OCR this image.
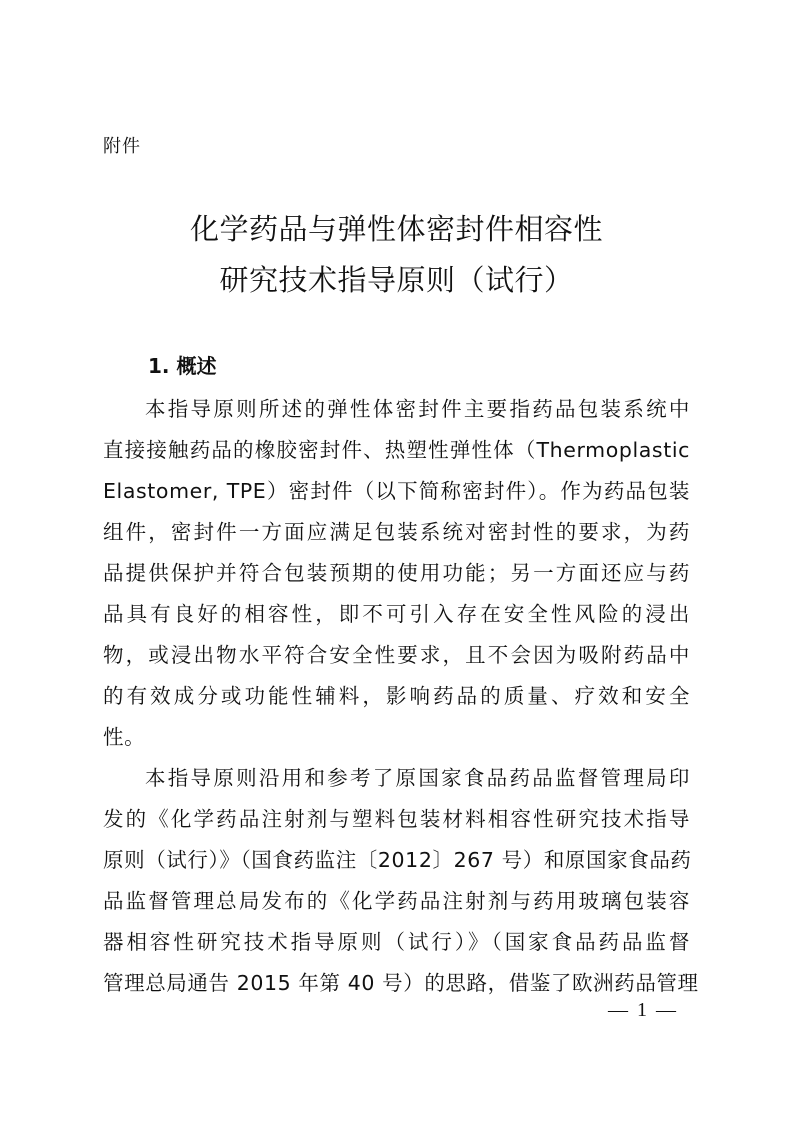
附件
化学药品与弹性体密封件相容性
研究技术指导原则（试行）
1. 概述
本指导原则所述的弹性体密封件主要指药品包装系统中
直接接触药品的橡胶密封件、热塑性弹性体（Thermoplastic
Elastomer, TPE）密封件（以下简称密封件）。作为药品包装
组件，密封件一方面应满足包装系统对密封性的要求，为药
品提供保护并符合包装预期的使用功能；另一方面还应与药
品具有良好的相容性，即不可引入存在安全性风险的浸出
物，或浸出物水平符合安全性要求，且不会因为吸附药品中
的有效成分或功能性辅料，影响药品的质量、疗效和安全
性。
本指导原则沿用和参考了原国家食品药品监督管理局印
发的《化学药品注射剂与塑料包装材料相容性研究技术指导
原则（试行）》（国食药监注〔2012〕267 号）和原国家食品药
品监督管理总局发布的《化学药品注射剂与药用玻璃包装容
器相容性研究技术指导原则（试行）》（国家食品药品监督
管理总局通告 2015 年第 40 号）的思路，借鉴了欧洲药品管理
— 1 —
